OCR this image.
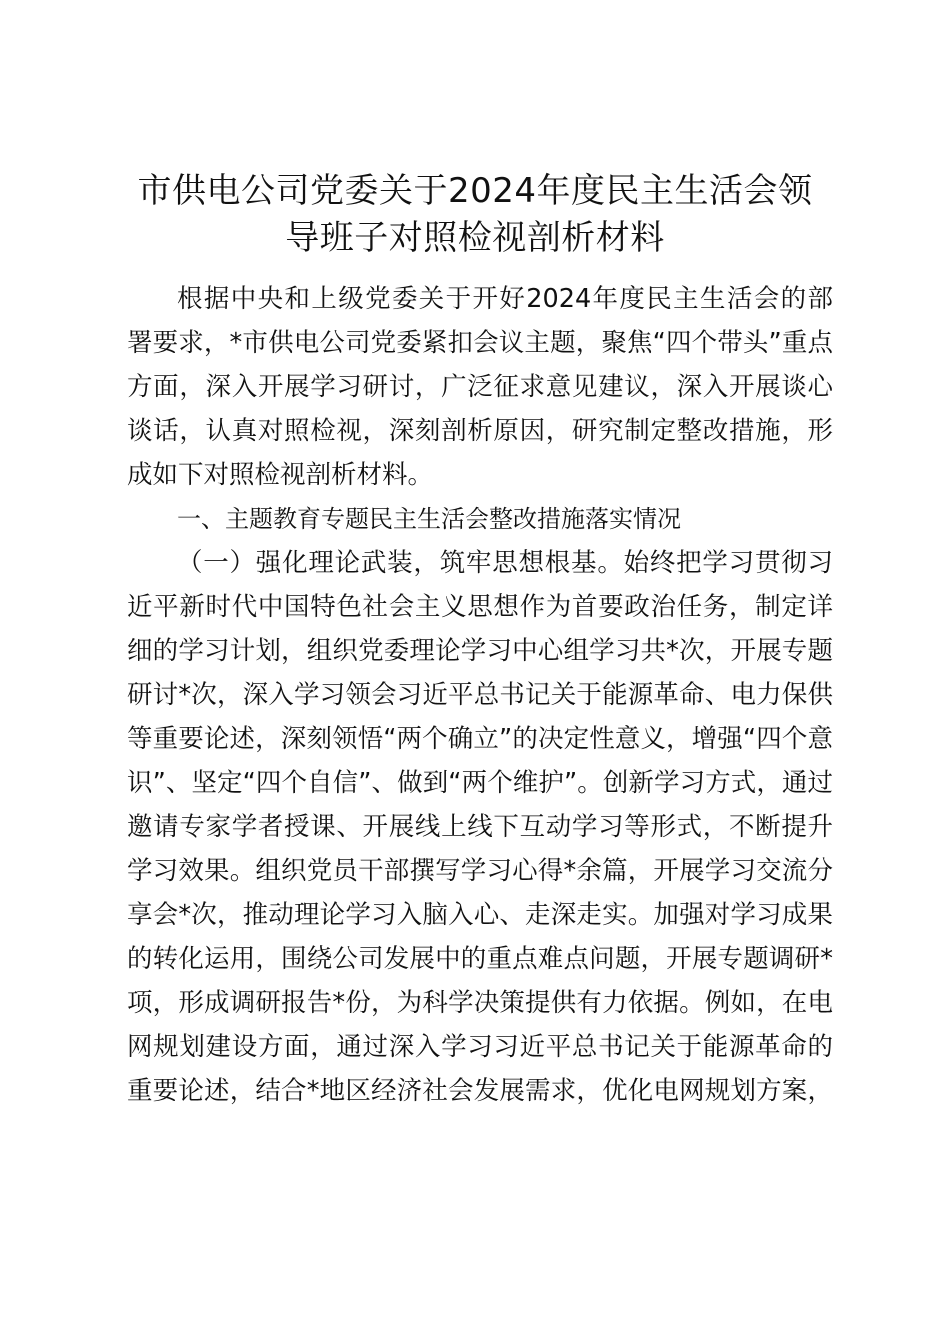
市供电公司党委关于2024年度民主生活会领
导班子对照检视剖析材料
根据中央和上级党委关于开好2024年度民主生活会的部
署要求，*市供电公司党委紧扣会议主题，聚焦“四个带头”重点
方面，深入开展学习研讨，广泛征求意见建议，深入开展谈心
谈话，认真对照检视，深刻剖析原因，研究制定整改措施，形
成如下对照检视剖析材料。
一、主题教育专题民主生活会整改措施落实情况
（一）强化理论武装，筑牢思想根基。始终把学习贯彻习
近平新时代中国特色社会主义思想作为首要政治任务，制定详
细的学习计划，组织党委理论学习中心组学习共*次，开展专题
研讨*次，深入学习领会习近平总书记关于能源革命、电力保供
等重要论述，深刻领悟“两个确立”的决定性意义，增强“四个意
识”、坚定“四个自信”、做到“两个维护”。创新学习方式，通过
邀请专家学者授课、开展线上线下互动学习等形式，不断提升
学习效果。组织党员干部撰写学习心得*余篇，开展学习交流分
享会*次，推动理论学习入脑入心、走深走实。加强对学习成果
的转化运用，围绕公司发展中的重点难点问题，开展专题调研*
项，形成调研报告*份，为科学决策提供有力依据。例如，在电
网规划建设方面，通过深入学习习近平总书记关于能源革命的
重要论述，结合*地区经济社会发展需求，优化电网规划方案，
